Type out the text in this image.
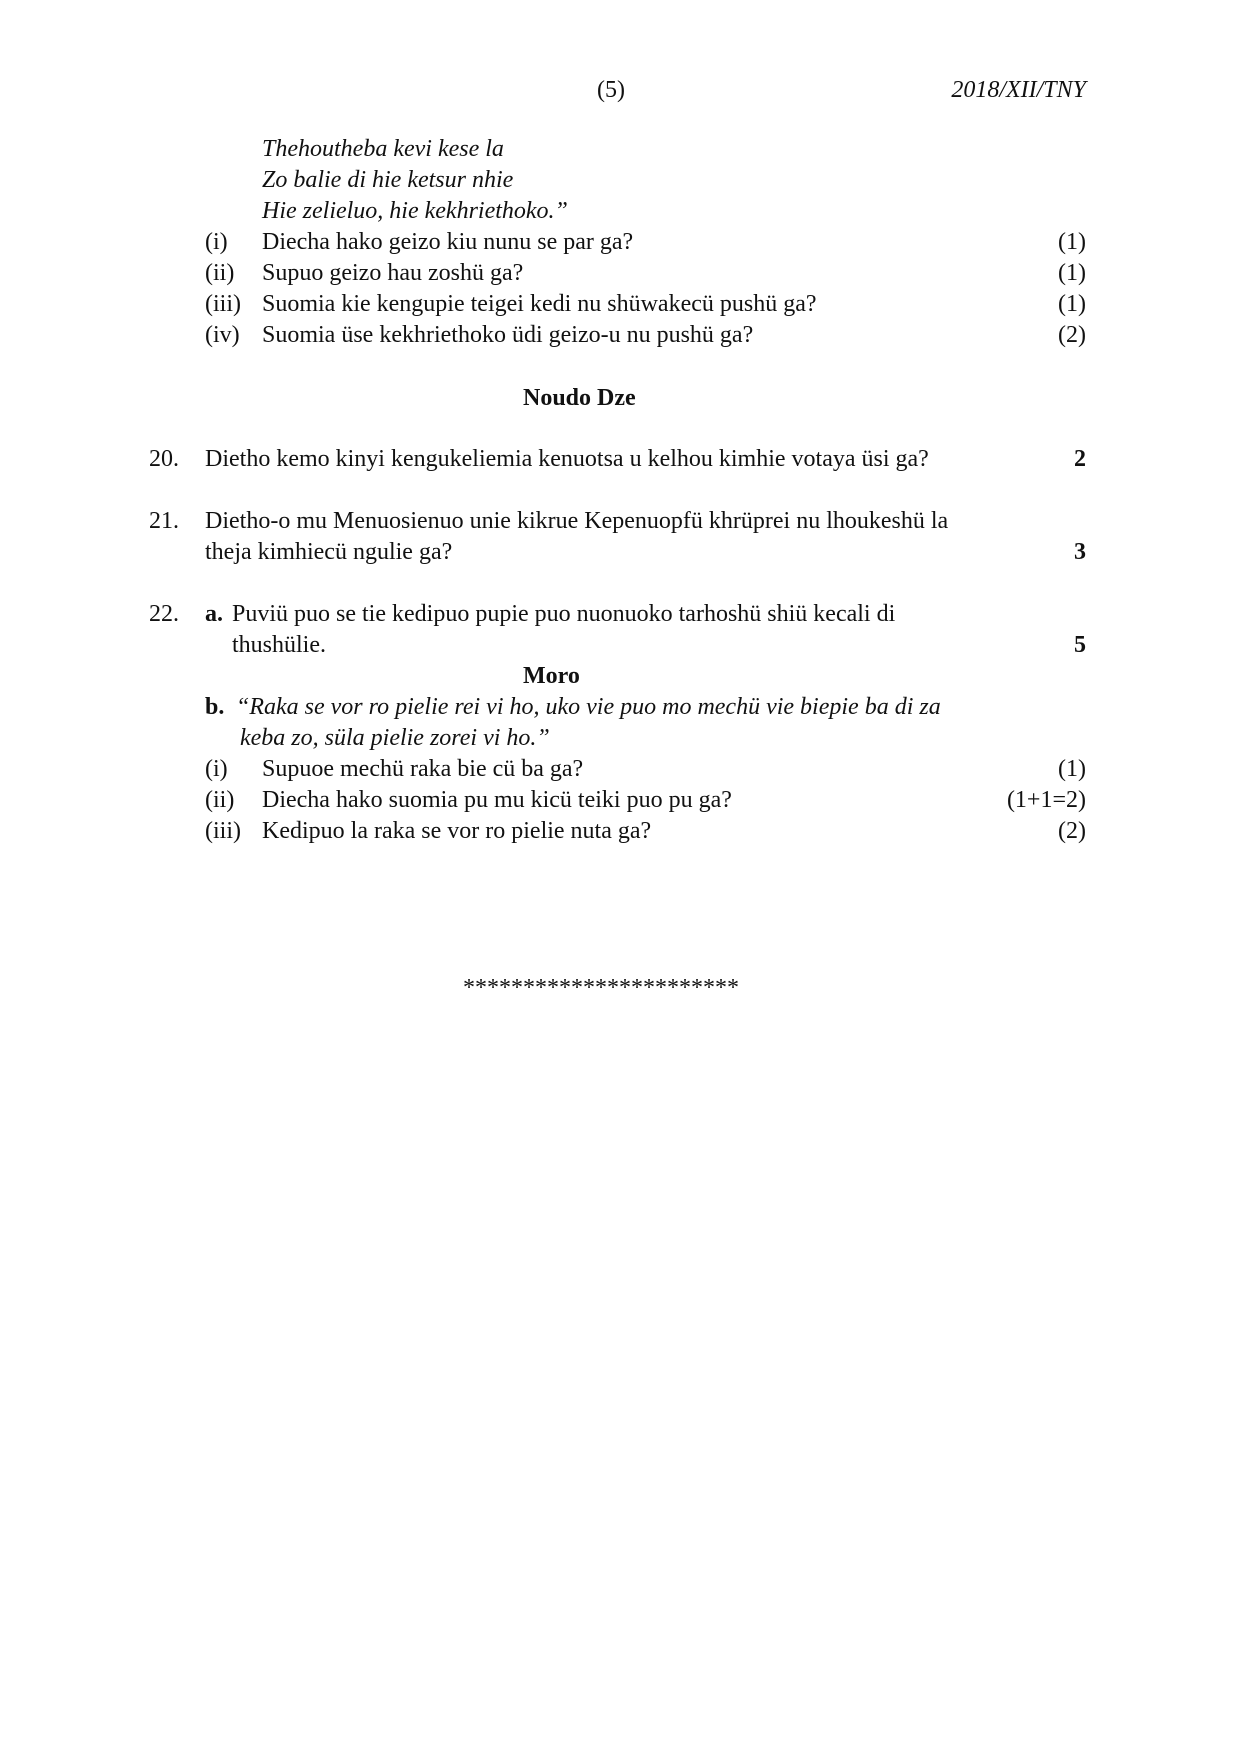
(5)	2018/XII/TNY
Thehoutheba kevi kese la
Zo balie di hie ketsur nhie
Hie zelieluo, hie kekhriethoko.”
(i) Diecha hako geizo kiu nunu se par ga?	(1)
(ii) Supuo geizo hau zoshü ga?	(1)
(iii) Suomia kie kengupie teigei kedi nu shüwakecü pushü ga?	(1)
(iv) Suomia üse kekhriethoko üdi geizo-u nu pushü ga?	(2)
Noudo Dze
20. Dietho kemo kinyi kengukeliemia kenuotsa u kelhou kimhie votaya üsi ga?	2
21. Dietho-o mu Menuosienuo unie kikrue Kepenuopfü khrüprei nu lhoukeshü la
theja kimhiecü ngulie ga?	3
22. a. Puviü puo se tie kedipuo pupie puo nuonuoko tarhoshü shiü kecali di
thushülie.	5
Moro
b. “Raka se vor ro pielie rei vi ho, uko vie puo mo mechü vie biepie ba di za
keba zo, süla pielie zorei vi ho.”
(i) Supuoe mechü raka bie cü ba ga?	(1)
(ii) Diecha hako suomia pu mu kicü teiki puo pu ga?	(1+1=2)
(iii) Kedipuo la raka se vor ro pielie nuta ga?	(2)
***********************
